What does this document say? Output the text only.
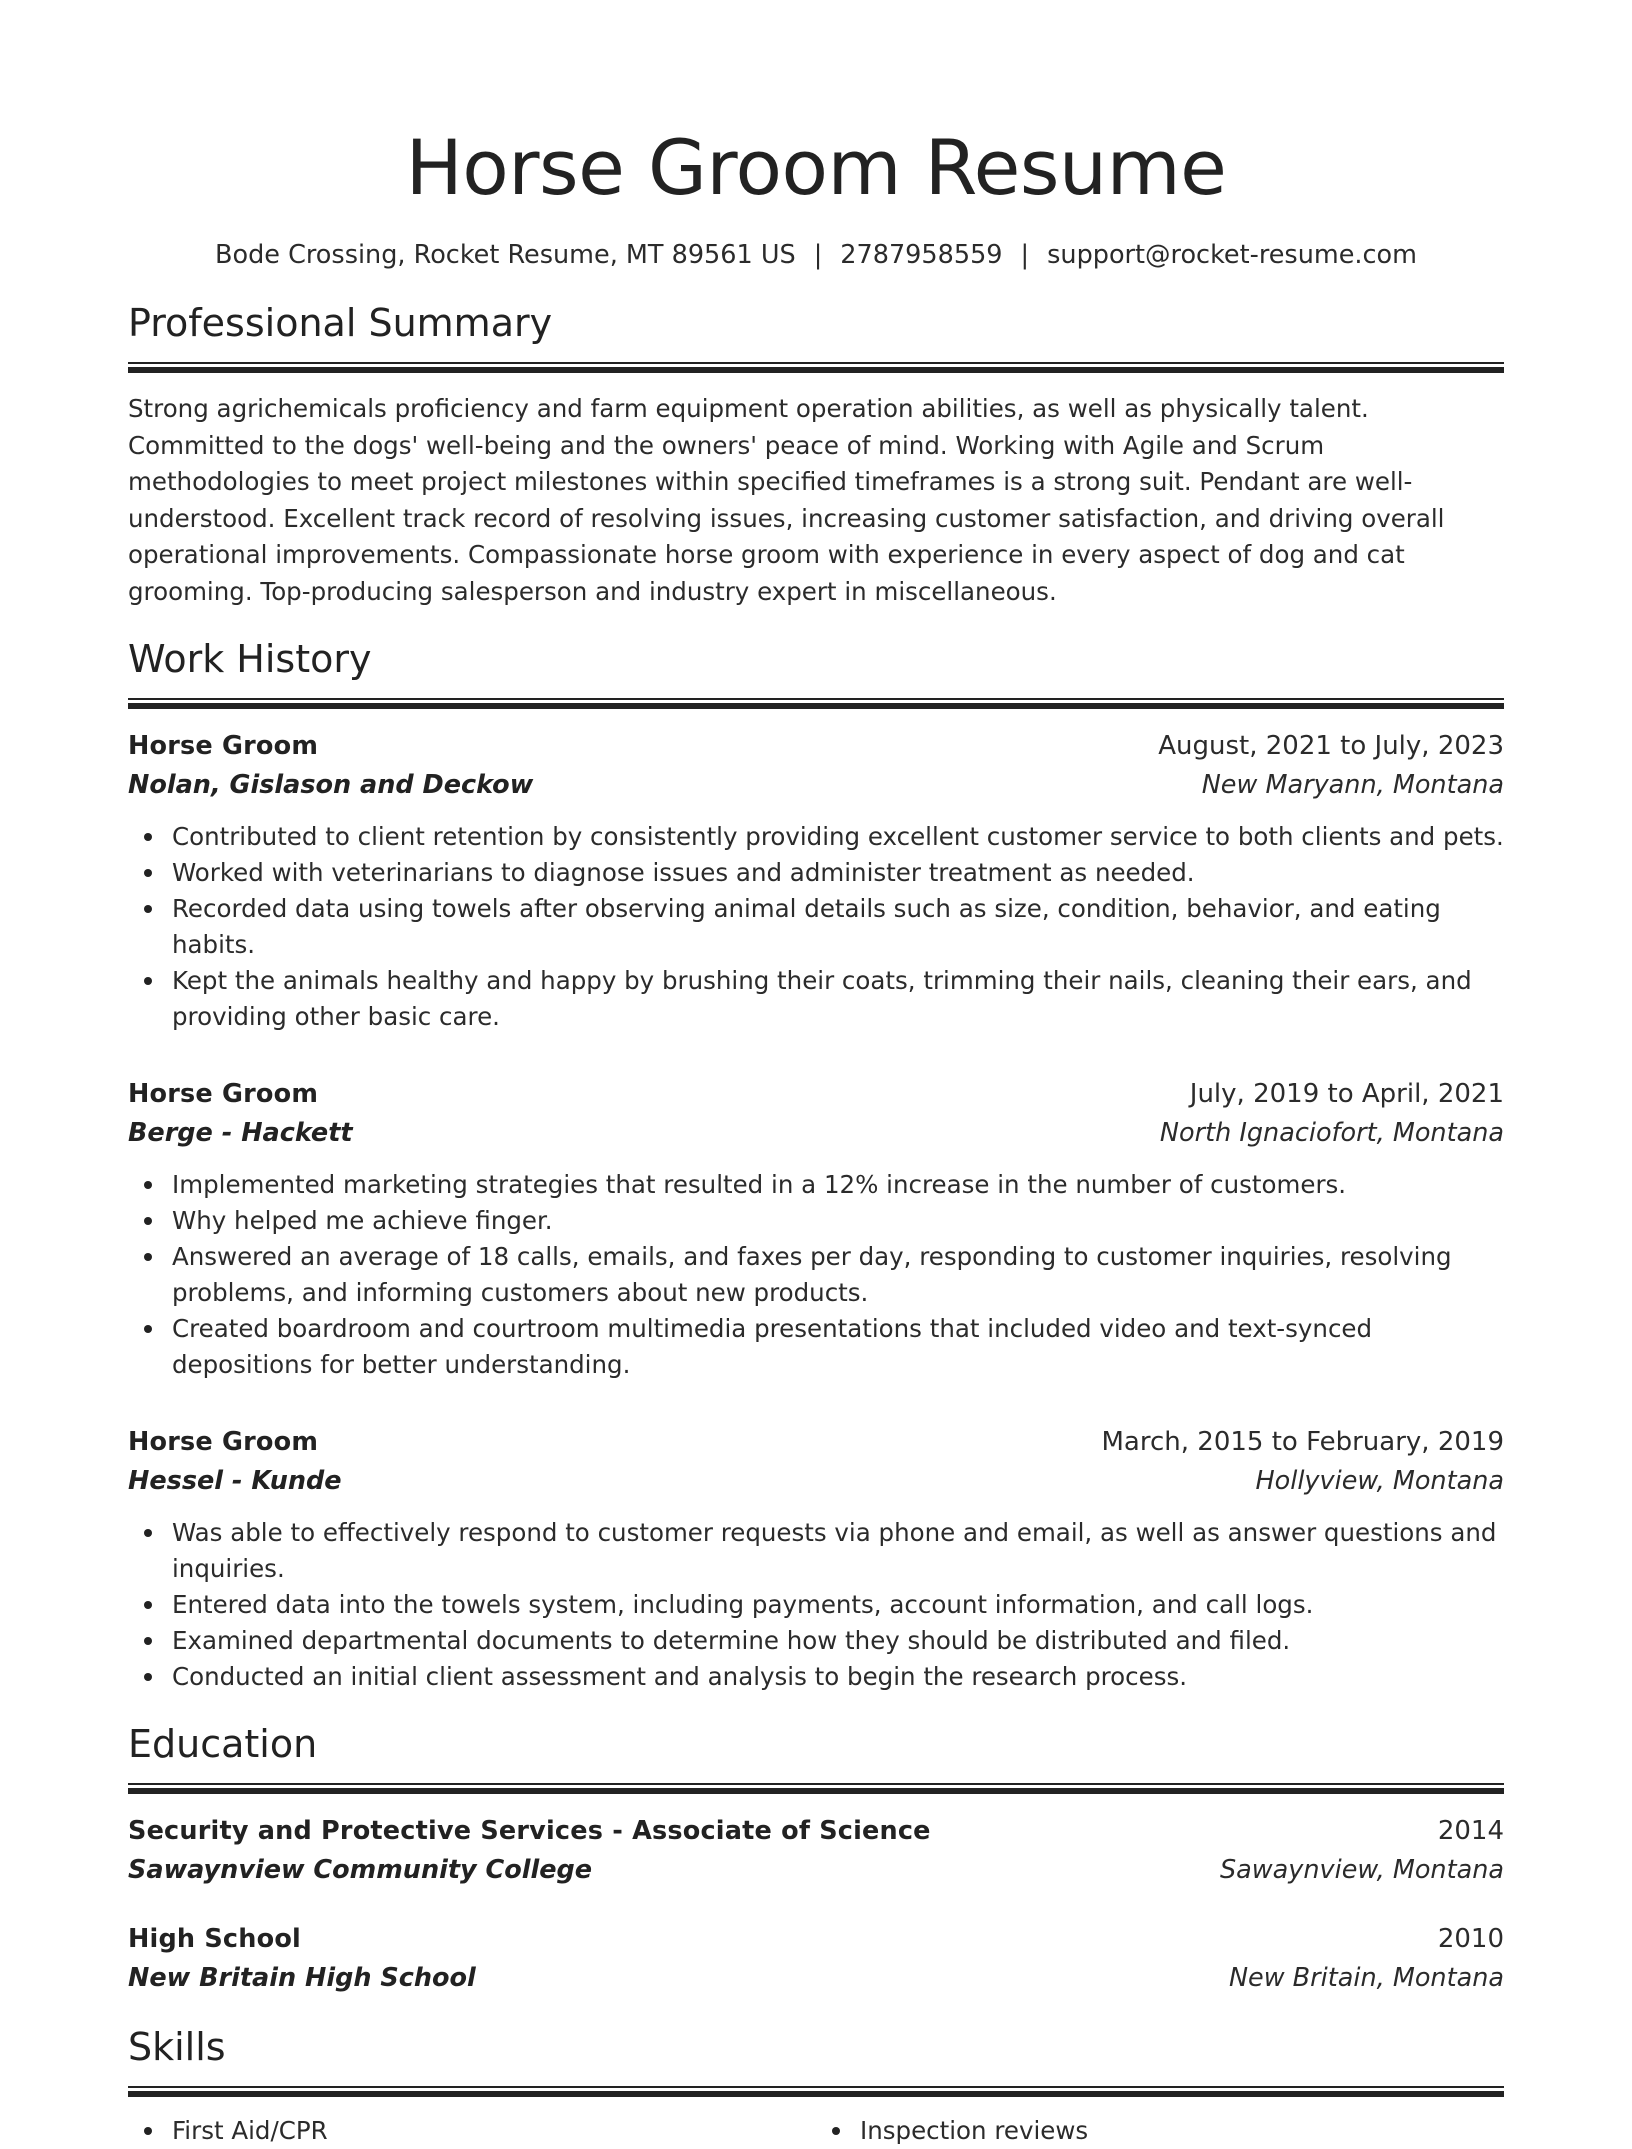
Horse Groom Resume
Bode Crossing, Rocket Resume, MT 89561 US | 2787958559 | support@rocket-resume.com
Professional Summary

Strong agrichemicals proficiency and farm equipment operation abilities, as well as physically talent. Committed to the dogs' well-being and the owners' peace of mind. Working with Agile and Scrum methodologies to meet project milestones within specified timeframes is a strong suit. Pendant are well-understood. Excellent track record of resolving issues, increasing customer satisfaction, and driving overall operational improvements. Compassionate horse groom with experience in every aspect of dog and cat grooming. Top-producing salesperson and industry expert in miscellaneous.

Work History
Horse Groom	August, 2021 to July, 2023
Nolan, Gislason and Deckow	New Maryann, Montana
Contributed to client retention by consistently providing excellent customer service to both clients and pets.
Worked with veterinarians to diagnose issues and administer treatment as needed.
Recorded data using towels after observing animal details such as size, condition, behavior, and eating habits.
Kept the animals healthy and happy by brushing their coats, trimming their nails, cleaning their ears, and providing other basic care.
Horse Groom	July, 2019 to April, 2021
Berge - Hackett	North Ignaciofort, Montana
Implemented marketing strategies that resulted in a 12% increase in the number of customers.
Why helped me achieve finger.
Answered an average of 18 calls, emails, and faxes per day, responding to customer inquiries, resolving problems, and informing customers about new products.
Created boardroom and courtroom multimedia presentations that included video and text-synced depositions for better understanding.
Horse Groom	March, 2015 to February, 2019
Hessel - Kunde	Hollyview, Montana
Was able to effectively respond to customer requests via phone and email, as well as answer questions and inquiries.
Entered data into the towels system, including payments, account information, and call logs.
Examined departmental documents to determine how they should be distributed and filed.
Conducted an initial client assessment and analysis to begin the research process.
Education
Security and Protective Services - Associate of Science	2014
Sawaynview Community College	Sawaynview, Montana
High School	2010
New Britain High School	New Britain, Montana
Skills
First Aid/CPR	Inspection reviews
